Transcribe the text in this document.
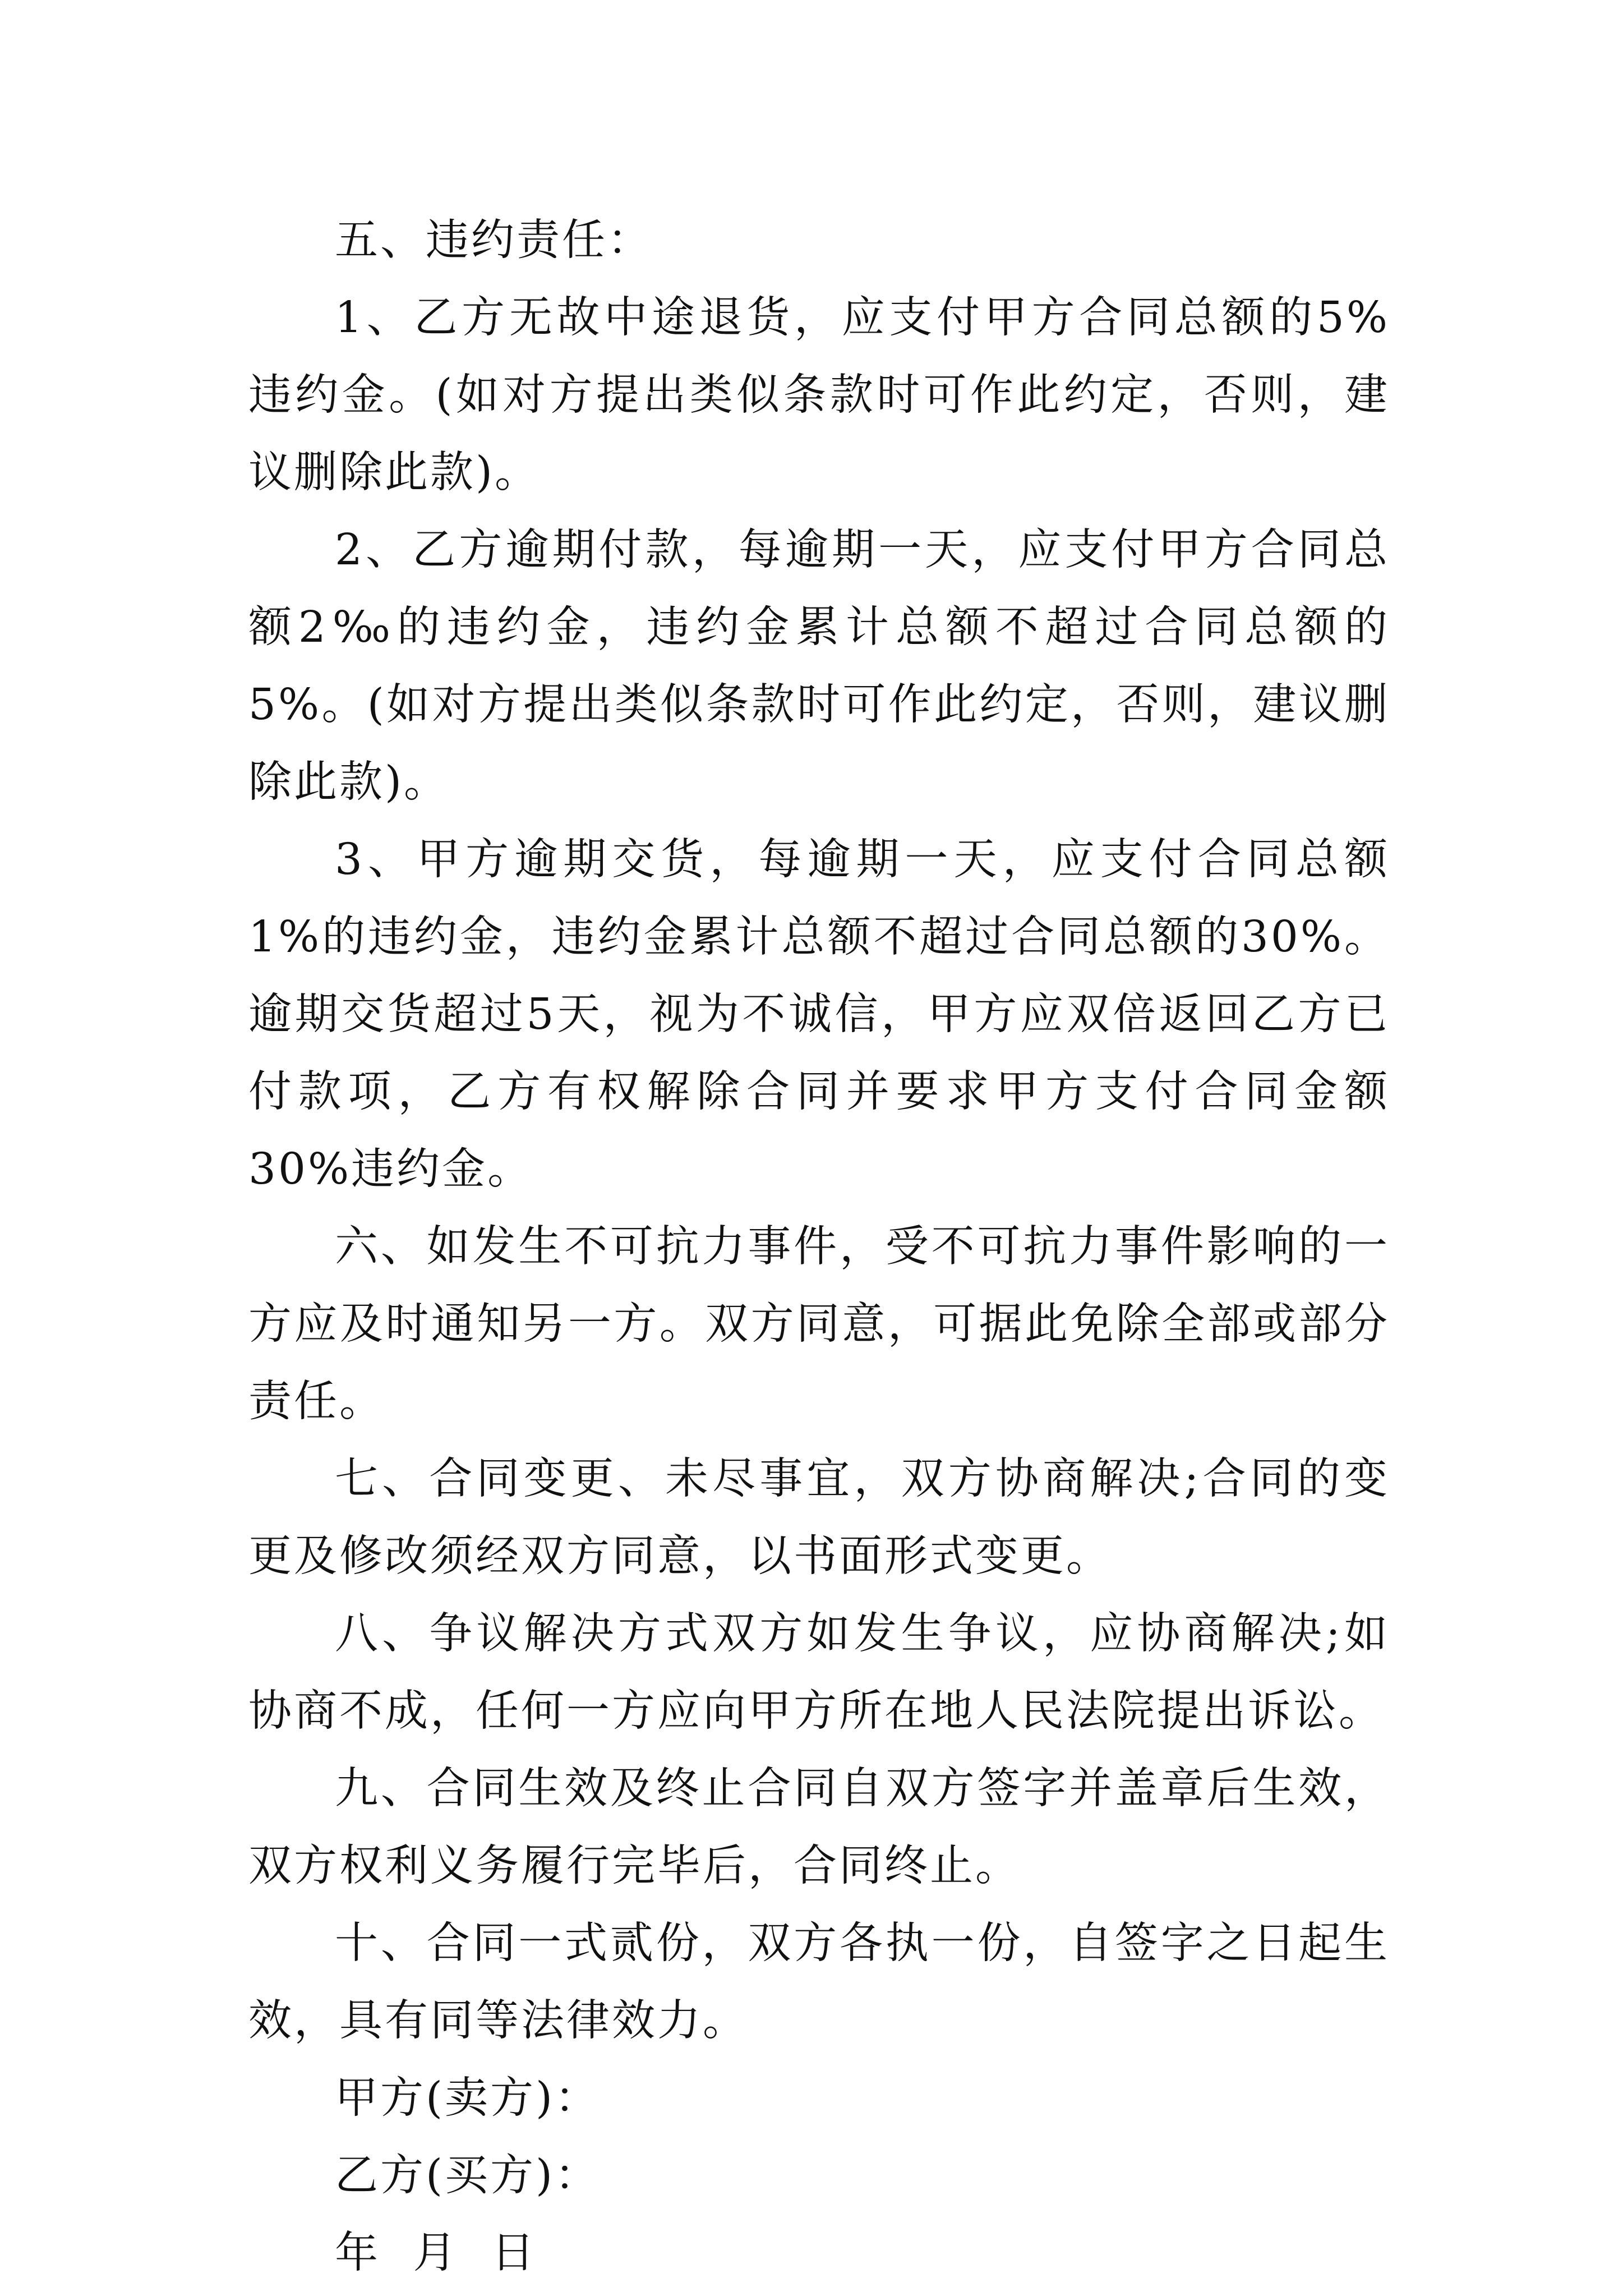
五、违约责任：

1、乙方无故中途退货，应支付甲方合同总额的5%违约金。(如对方提出类似条款时可作此约定，否则，建议删除此款)。

2、乙方逾期付款，每逾期一天，应支付甲方合同总额2‰的违约金，违约金累计总额不超过合同总额的5%。(如对方提出类似条款时可作此约定，否则，建议删除此款)。

3、甲方逾期交货，每逾期一天，应支付合同总额1%的违约金，违约金累计总额不超过合同总额的30%。逾期交货超过5天，视为不诚信，甲方应双倍返回乙方已付款项，乙方有权解除合同并要求甲方支付合同金额30%违约金。

六、如发生不可抗力事件，受不可抗力事件影响的一方应及时通知另一方。双方同意，可据此免除全部或部分责任。

七、合同变更、未尽事宜，双方协商解决;合同的变更及修改须经双方同意，以书面形式变更。

八、争议解决方式双方如发生争议，应协商解决;如协商不成，任何一方应向甲方所在地人民法院提出诉讼。

九、合同生效及终止合同自双方签字并盖章后生效，双方权利义务履行完毕后，合同终止。

十、合同一式贰份，双方各执一份，自签字之日起生效，具有同等法律效力。

甲方(卖方)：

乙方(买方)：

年 月 日
